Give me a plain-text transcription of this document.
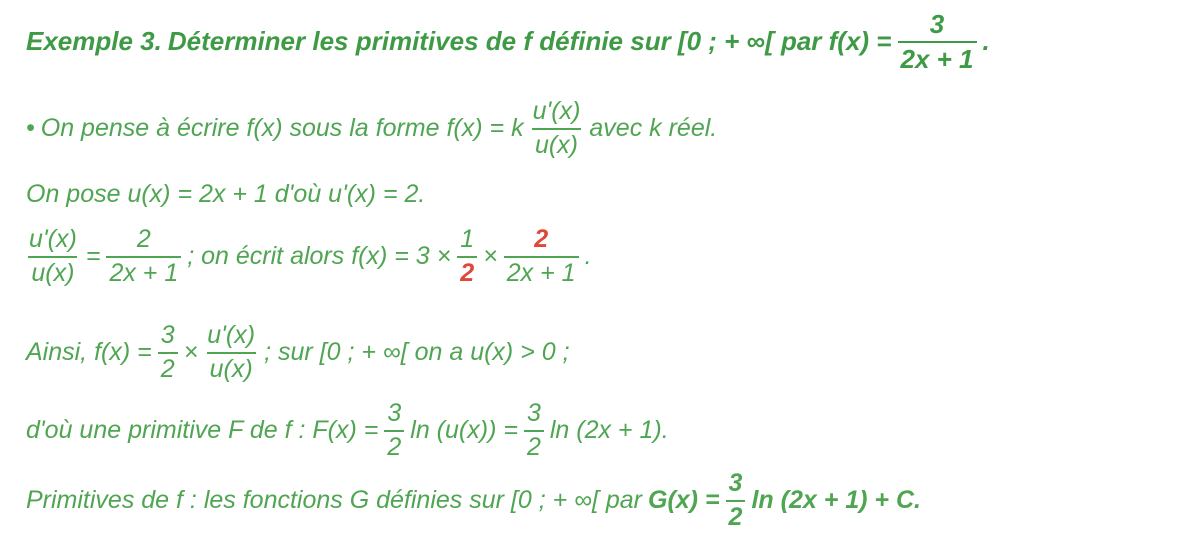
Exemple 3. Déterminer les primitives de f définie sur [0 ; + ∞[ par $f(x) = \frac{3}{2x + 1}$ .
• On pense à écrire f(x) sous la forme f(x) = k $\frac{u'(x)}{u(x)}$ avec k réel.
On pose u(x) = 2x + 1 d'où u'(x) = 2.
$\frac{u'(x)}{u(x)} = \frac{2}{2x + 1}$ ; on écrit alors $f(x) = 3 \times \frac{1}{2} \times \frac{2}{2x + 1}$ .
Ainsi, $f(x) = \frac{3}{2} \times \frac{u'(x)}{u(x)}$ ; sur [0 ; + ∞[ on a u(x) > 0 ;
d'où une primitive F de f : $F(x) = \frac{3}{2}$ $\ln (u(x)) = \frac{3}{2}$ ln (2x + 1).
Primitives de f : les fonctions G définies sur [0 ; + ∞[ par $G(x) = \frac{3}{2}$ ln (2x + 1) + C.
